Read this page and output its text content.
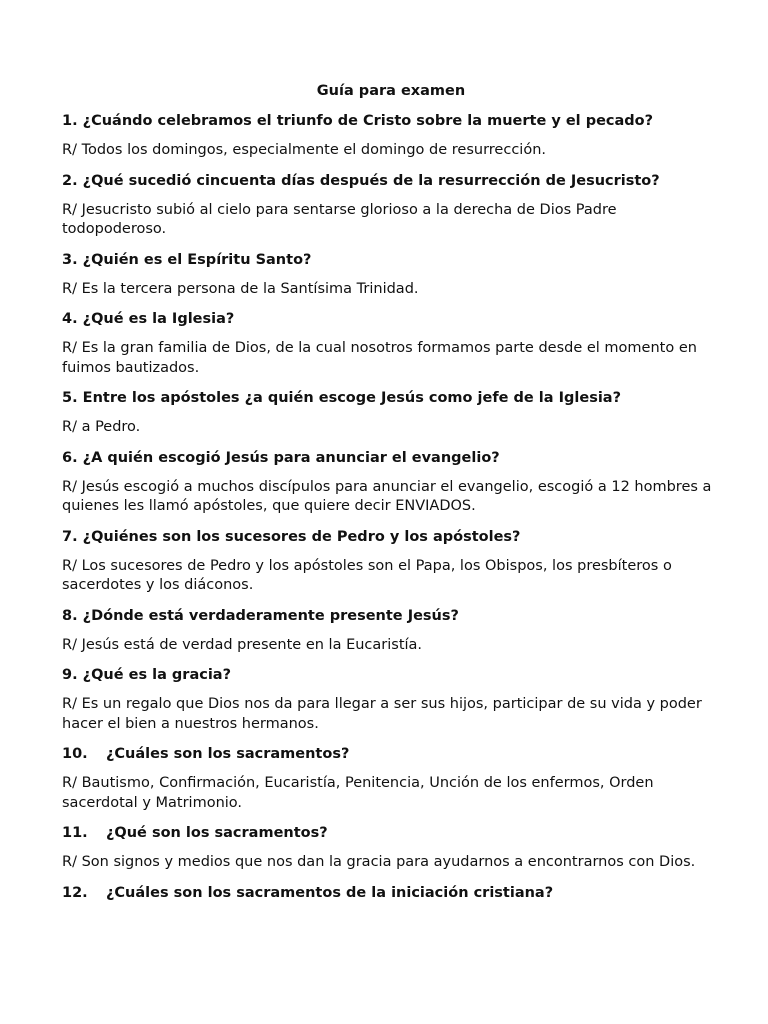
Guía para examen
1. ¿Cuándo celebramos el triunfo de Cristo sobre la muerte y el pecado?
R/ Todos los domingos, especialmente el domingo de resurrección.
2. ¿Qué sucedió cincuenta días después de la resurrección de Jesucristo?
R/ Jesucristo subió al cielo para sentarse glorioso a la derecha de Dios Padre todopoderoso.
3. ¿Quién es el Espíritu Santo?
R/ Es la tercera persona de la Santísima Trinidad.
4. ¿Qué es la Iglesia?
R/ Es la gran familia de Dios, de la cual nosotros formamos parte desde el momento en fuimos bautizados.
5. Entre los apóstoles ¿a quién escoge Jesús como jefe de la Iglesia?
R/ a Pedro.
6. ¿A quién escogió Jesús para anunciar el evangelio?
R/ Jesús escogió a muchos discípulos para anunciar el evangelio, escogió a 12 hombres a quienes les llamó apóstoles, que quiere decir ENVIADOS.
7. ¿Quiénes son los sucesores de Pedro y los apóstoles?
R/ Los sucesores de Pedro y los apóstoles son el Papa, los Obispos, los presbíteros o sacerdotes y los diáconos.
8. ¿Dónde está verdaderamente presente Jesús?
R/ Jesús está de verdad presente en la Eucaristía.
9. ¿Qué es la gracia?
R/ Es un regalo que Dios nos da para llegar a ser sus hijos, participar de su vida y poder hacer el bien a nuestros hermanos.
10. ¿Cuáles son los sacramentos?
R/ Bautismo, Confirmación, Eucaristía, Penitencia, Unción de los enfermos, Orden sacerdotal y Matrimonio.
11. ¿Qué son los sacramentos?
R/ Son signos y medios que nos dan la gracia para ayudarnos a encontrarnos con Dios.
12. ¿Cuáles son los sacramentos de la iniciación cristiana?
